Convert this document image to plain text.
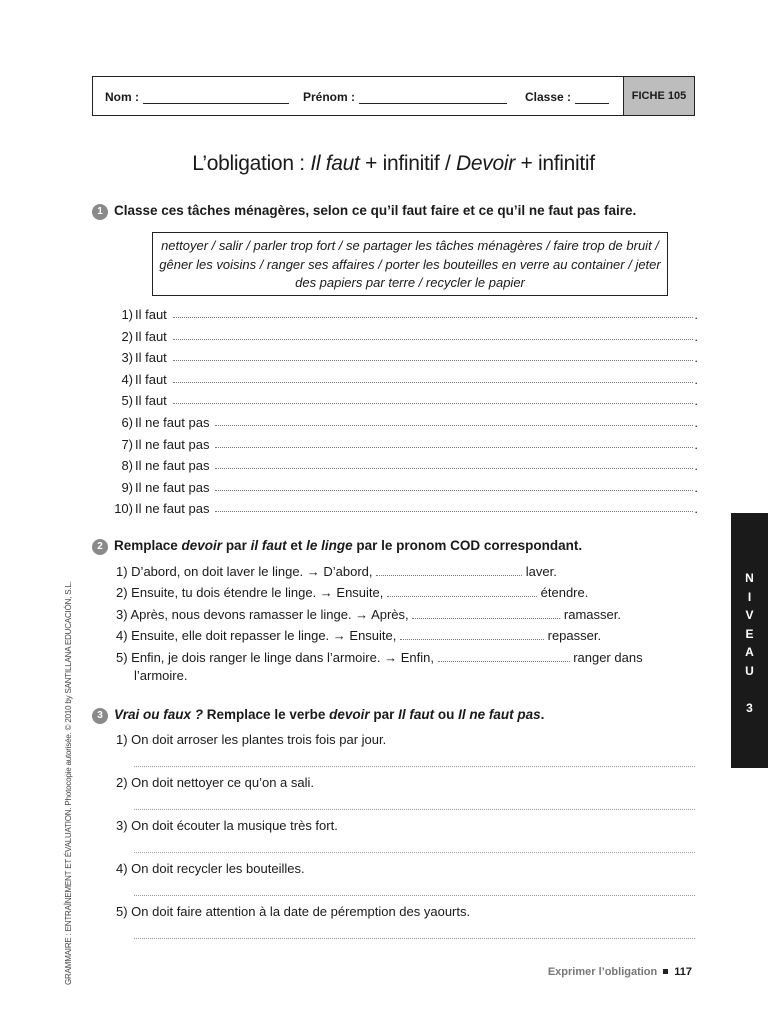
Nom :	Prénom :	Classe :	FICHE 105
L’obligation : Il faut + infinitif / Devoir + infinitif
1 Classe ces tâches ménagères, selon ce qu’il faut faire et ce qu’il ne faut pas faire.
nettoyer / salir / parler trop fort / se partager les tâches ménagères / faire trop de bruit / gêner les voisins / ranger ses affaires / porter les bouteilles en verre au container / jeter des papiers par terre / recycler le papier
1) Il faut	.
2) Il faut	.
3) Il faut	.
4) Il faut	.
5) Il faut	.
6) Il ne faut pas	.
7) Il ne faut pas	.
8) Il ne faut pas	.
9) Il ne faut pas	.
10) Il ne faut pas	.
2 Remplace devoir par il faut et le linge par le pronom COD correspondant.
1) D’abord, on doit laver le linge. → D’abord,	laver.
2) Ensuite, tu dois étendre le linge. → Ensuite,	étendre.
3) Après, nous devons ramasser le linge. → Après,	ramasser.
4) Ensuite, elle doit repasser le linge. → Ensuite,	repasser.
5) Enfin, je dois ranger le linge dans l’armoire. → Enfin,	ranger dans
l’armoire.
3 Vrai ou faux ? Remplace le verbe devoir par Il faut ou Il ne faut pas.
1) On doit arroser les plantes trois fois par jour.
2) On doit nettoyer ce qu’on a sali.
3) On doit écouter la musique très fort.
4) On doit recycler les bouteilles.
5) On doit faire attention à la date de péremption des yaourts.
N
I
V
E
A
U
3
GRAMMAIRE : ENTRAÎNEMENT ET ÉVALUATION. Photocopie autorisée. © 2010 by SANTILLANA EDUCACIÓN, S.L.	Exprimer l’obligation 117
